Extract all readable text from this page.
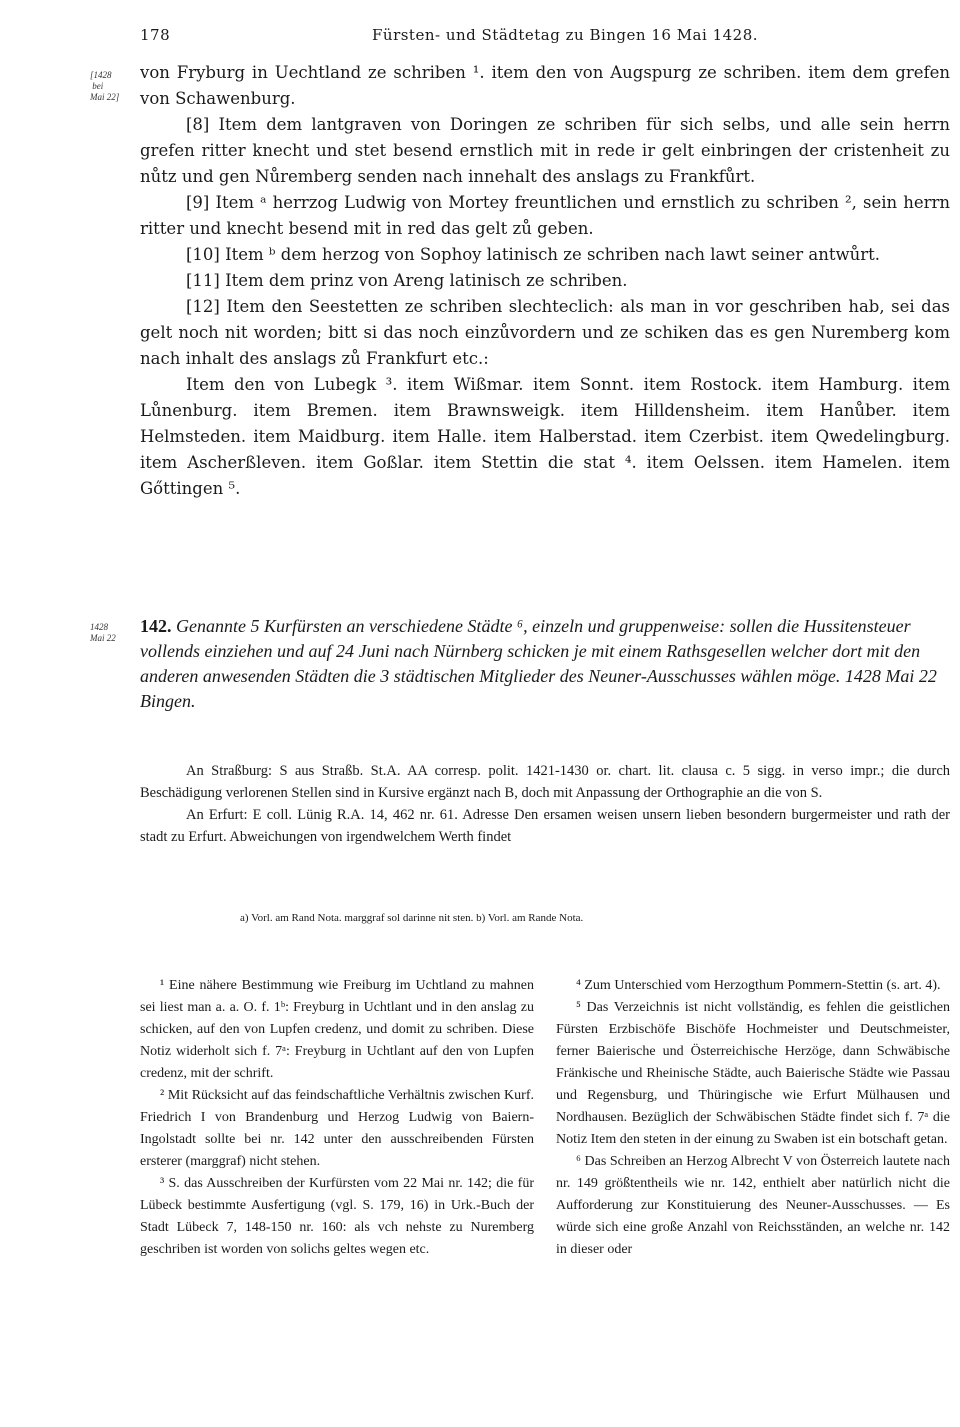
178	Fürsten- und Städtetag zu Bingen 16 Mai 1428.
[1428
bei
Mai 22]

von Fryburg in Uechtland ze schriben ¹. item den von Augspurg ze schriben. item dem grefen von Schawenburg.

[8] Item dem lantgraven von Doringen ze schriben für sich selbs, und alle sein herrn grefen ritter knecht und stet besend ernstlich mit in rede ir gelt einbringen der cristenheit zu nůtz und gen Nůremberg senden nach innehalt des anslags zu Frankfůrt.

[9] Item ᵃ herrzog Ludwig von Mortey freuntlichen und ernstlich zu schriben ², sein herrn ritter und knecht besend mit in red das gelt zů geben.

[10] Item ᵇ dem herzog von Sophoy latinisch ze schriben nach lawt seiner antwůrt.

[11] Item dem prinz von Areng latinisch ze schriben.

[12] Item den Seestetten ze schriben slechteclich: als man in vor geschriben hab, sei das gelt noch nit worden; bitt si das noch einzůvordern und ze schiken das es gen Nuremberg kom nach inhalt des anslags zů Frankfurt etc.:

Item den von Lubegk ³. item Wißmar. item Sonnt. item Rostock. item Hamburg. item Lůnenburg. item Bremen. item Brawnsweigk. item Hilldensheim. item Hanůber. item Helmsteden. item Maidburg. item Halle. item Halberstad. item Czerbist. item Qwedelingburg. item Ascherßleven. item Goßlar. item Stettin die stat ⁴. item Oelssen. item Hamelen. item Gőttingen ⁵.

1428
Mai 22
142. Genannte 5 Kurfürsten an verschiedene Städte ⁶, einzeln und gruppenweise: sollen die Hussitensteuer vollends einziehen und auf 24 Juni nach Nürnberg schicken je mit einem Rathsgesellen welcher dort mit den anderen anwesenden Städten die 3 städtischen Mitglieder des Neuner-Ausschusses wählen möge. 1428 Mai 22 Bingen.

An Straßburg: S aus Straßb. St.A. AA corresp. polit. 1421-1430 or. chart. lit. clausa c. 5 sigg. in verso impr.; die durch Beschädigung verlorenen Stellen sind in Kursive ergänzt nach B, doch mit Anpassung der Orthographie an die von S.

An Erfurt: E coll. Lünig R.A. 14, 462 nr. 61. Adresse Den ersamen weisen unsern lieben besondern burgermeister und rath der stadt zu Erfurt. Abweichungen von irgendwelchem Werth findet

a) Vorl. am Rand Nota. marggraf sol darinne nit sten. b) Vorl. am Rande Nota.

¹ Eine nähere Bestimmung wie Freiburg im Uchtland zu mahnen sei liest man a. a. O. f. 1ᵇ: Freyburg in Uchtlant und in den anslag zu schicken, auf den von Lupfen credenz, und domit zu schriben. Diese Notiz widerholt sich f. 7ᵃ: Freyburg in Uchtlant auf den von Lupfen credenz, mit der schrift.

² Mit Rücksicht auf das feindschaftliche Verhältnis zwischen Kurf. Friedrich I von Brandenburg und Herzog Ludwig von Baiern-Ingolstadt sollte bei nr. 142 unter den ausschreibenden Fürsten ersterer (marggraf) nicht stehen.

³ S. das Ausschreiben der Kurfürsten vom 22 Mai nr. 142; die für Lübeck bestimmte Ausfertigung (vgl. S. 179, 16) in Urk.-Buch der Stadt Lübeck 7, 148-150 nr. 160: als vch nehste zu Nuremberg geschriben ist worden von solichs geltes wegen etc.

⁴ Zum Unterschied vom Herzogthum Pommern-Stettin (s. art. 4).

⁵ Das Verzeichnis ist nicht vollständig, es fehlen die geistlichen Fürsten Erzbischöfe Bischöfe Hochmeister und Deutschmeister, ferner Baierische und Österreichische Herzöge, dann Schwäbische Fränkische und Rheinische Städte, auch Baierische Städte wie Passau und Regensburg, und Thüringische wie Erfurt Mülhausen und Nordhausen. Bezüglich der Schwäbischen Städte findet sich f. 7ᵃ die Notiz Item den steten in der einung zu Swaben ist ein botschaft getan.

⁶ Das Schreiben an Herzog Albrecht V von Österreich lautete nach nr. 149 größtentheils wie nr. 142, enthielt aber natürlich nicht die Aufforderung zur Konstituierung des Neuner-Ausschusses. — Es würde sich eine große Anzahl von Reichsständen, an welche nr. 142 in dieser oder
